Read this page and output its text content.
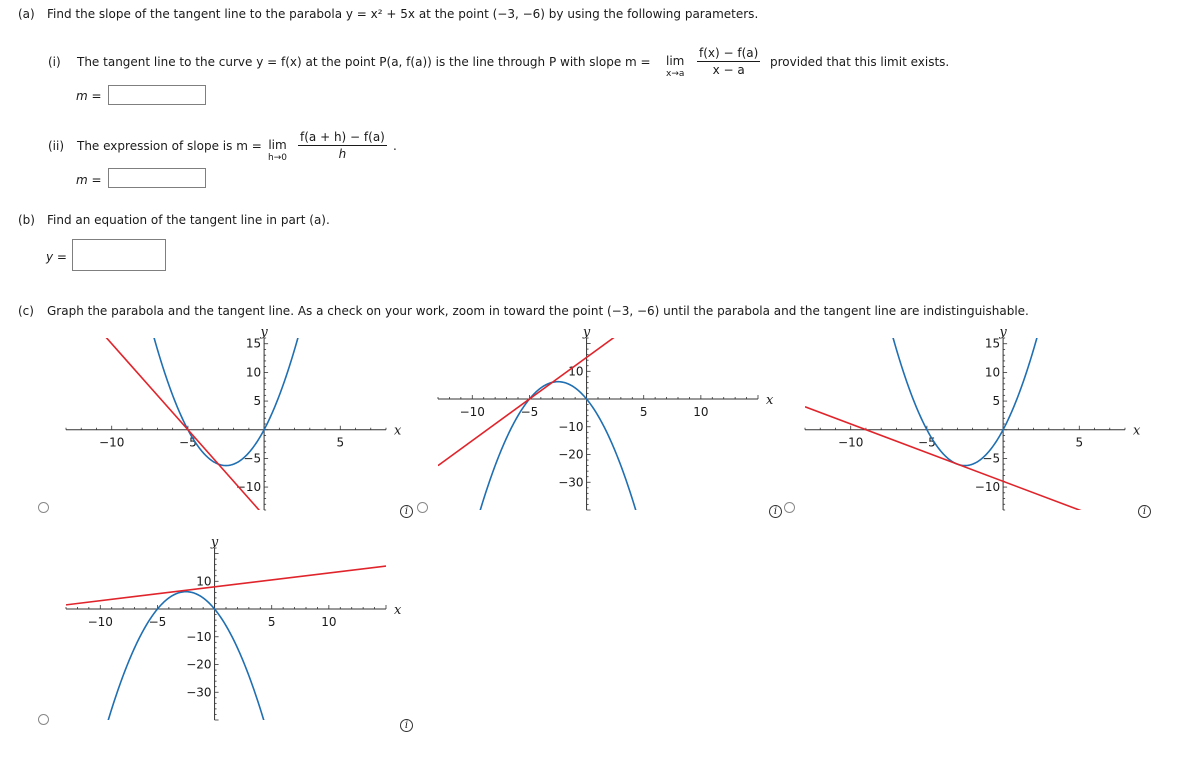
(a) Find the slope of the tangent line to the parabola y = x² + 5x at the point (−3, −6) by using the following parameters.
(i) The tangent line to the curve y = f(x) at the point P(a, f(a)) is the line through P with slope m = lim
$x\to a \frac{f(x) - f(a)}{x - a}$ provided that this limit exists.
m =
(ii) The expression of slope is m = lim
$h\to 0 \frac{f(a + h) - f(a)}{h}$ .
m =
(b) Find an equation of the tangent line in part (a).
y =
(c) Graph the parabola and the tangent line. As a check on your work, zoom in toward the point (−3, −6) until the parabola and the tangent line are indistinguishable.
−10	−5	5
15
10
5
−5
−10
x
y
i
−10	−5	5	10
10
−10
−20
−30
x
y
i
−10	−5	5
15
10
5
−5
−10
x
y
i
−10	−5	5	10
10
−10
−20
−30
x
y
i
